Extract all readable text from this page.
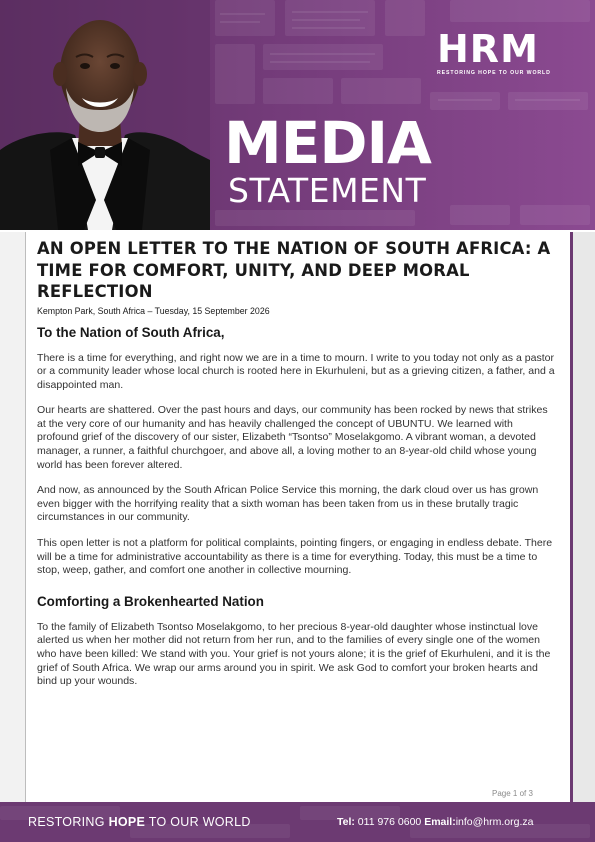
HRM
RESTORING HOPE TO OUR WORLD
MEDIA
STATEMENT
AN OPEN LETTER TO THE NATION OF SOUTH AFRICA: A TIME FOR COMFORT, UNITY, AND DEEP MORAL REFLECTION

Kempton Park, South Africa – Tuesday, 15 September 2026

To the Nation of South Africa,

There is a time for everything, and right now we are in a time to mourn. I write to you today not only as a pastor or a community leader whose local church is rooted here in Ekurhuleni, but as a grieving citizen, a father, and a disappointed man.

Our hearts are shattered. Over the past hours and days, our community has been rocked by news that strikes at the very core of our humanity and has heavily challenged the concept of UBUNTU. We learned with profound grief of the discovery of our sister, Elizabeth “Tsontso” Moselakgomo. A vibrant woman, a devoted manager, a runner, a faithful churchgoer, and above all, a loving mother to an 8-year-old child whose young world has been forever altered.

And now, as announced by the South African Police Service this morning, the dark cloud over us has grown even bigger with the horrifying reality that a sixth woman has been taken from us in these brutally tragic circumstances in our community.

This open letter is not a platform for political complaints, pointing fingers, or engaging in endless debate. There will be a time for administrative accountability as there is a time for everything. Today, this must be a time to stop, weep, gather, and comfort one another in collective mourning.

Comforting a Brokenhearted Nation

To the family of Elizabeth Tsontso Moselakgomo, to her precious 8-year-old daughter whose instinctual love alerted us when her mother did not return from her run, and to the families of every single one of the women who have been killed: We stand with you. Your grief is not yours alone; it is the grief of Ekurhuleni, and it is the grief of South Africa. We wrap our arms around you in spirit. We ask God to comfort your broken hearts and bind up your wounds.

Page 1 of 3
RESTORING HOPE TO OUR WORLD	Tel: 011 976 0600 Email:info@hrm.org.za
